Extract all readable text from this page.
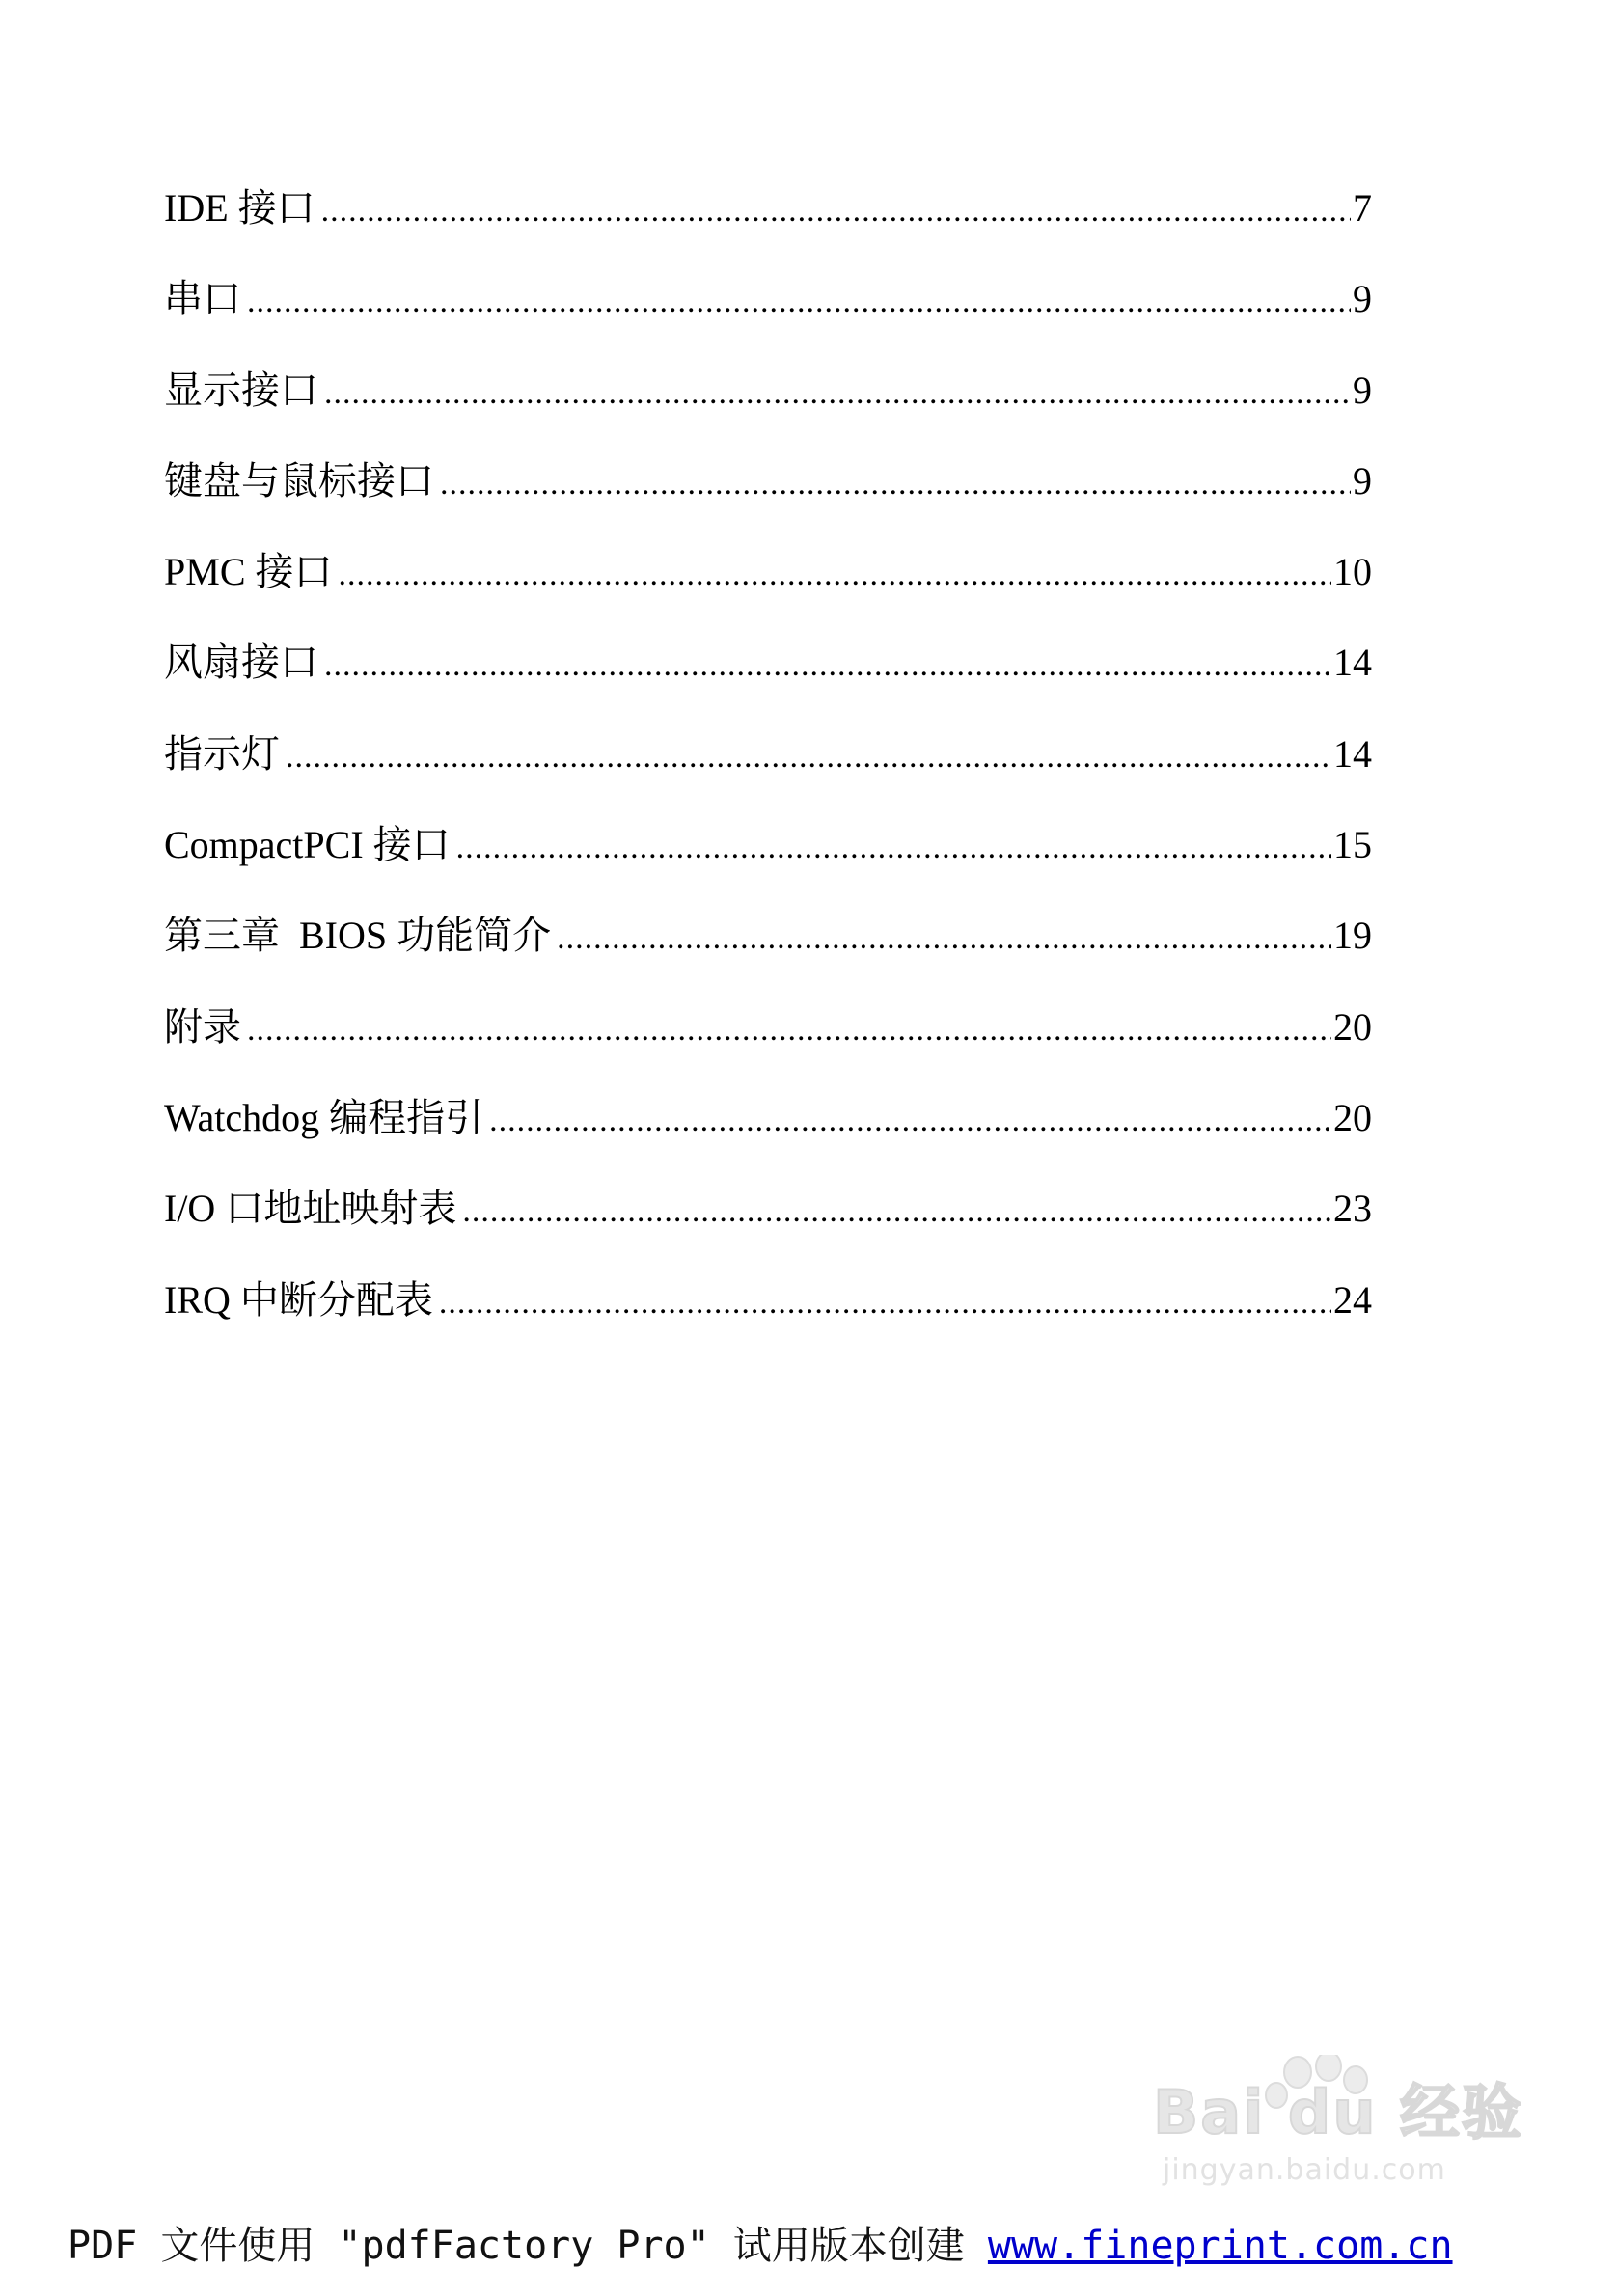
IDE 接口 .....	7
串口 .....	9
显示接口 .....	9
键盘与鼠标接口 .....	9
PMC 接口 .....	10
风扇接口 .....	14
指示灯 .....	14
CompactPCI 接口 .....	15
第三章  BIOS 功能简介 .....	19
附录 .....	20
Watchdog 编程指引 .....	20
I/O 口地址映射表 .....	23
IRQ 中断分配表 .....	24
Bai du 经验
jingyan.baidu.com
PDF 文件使用 "pdfFactory Pro" 试用版本创建 www.fineprint.com.cn
